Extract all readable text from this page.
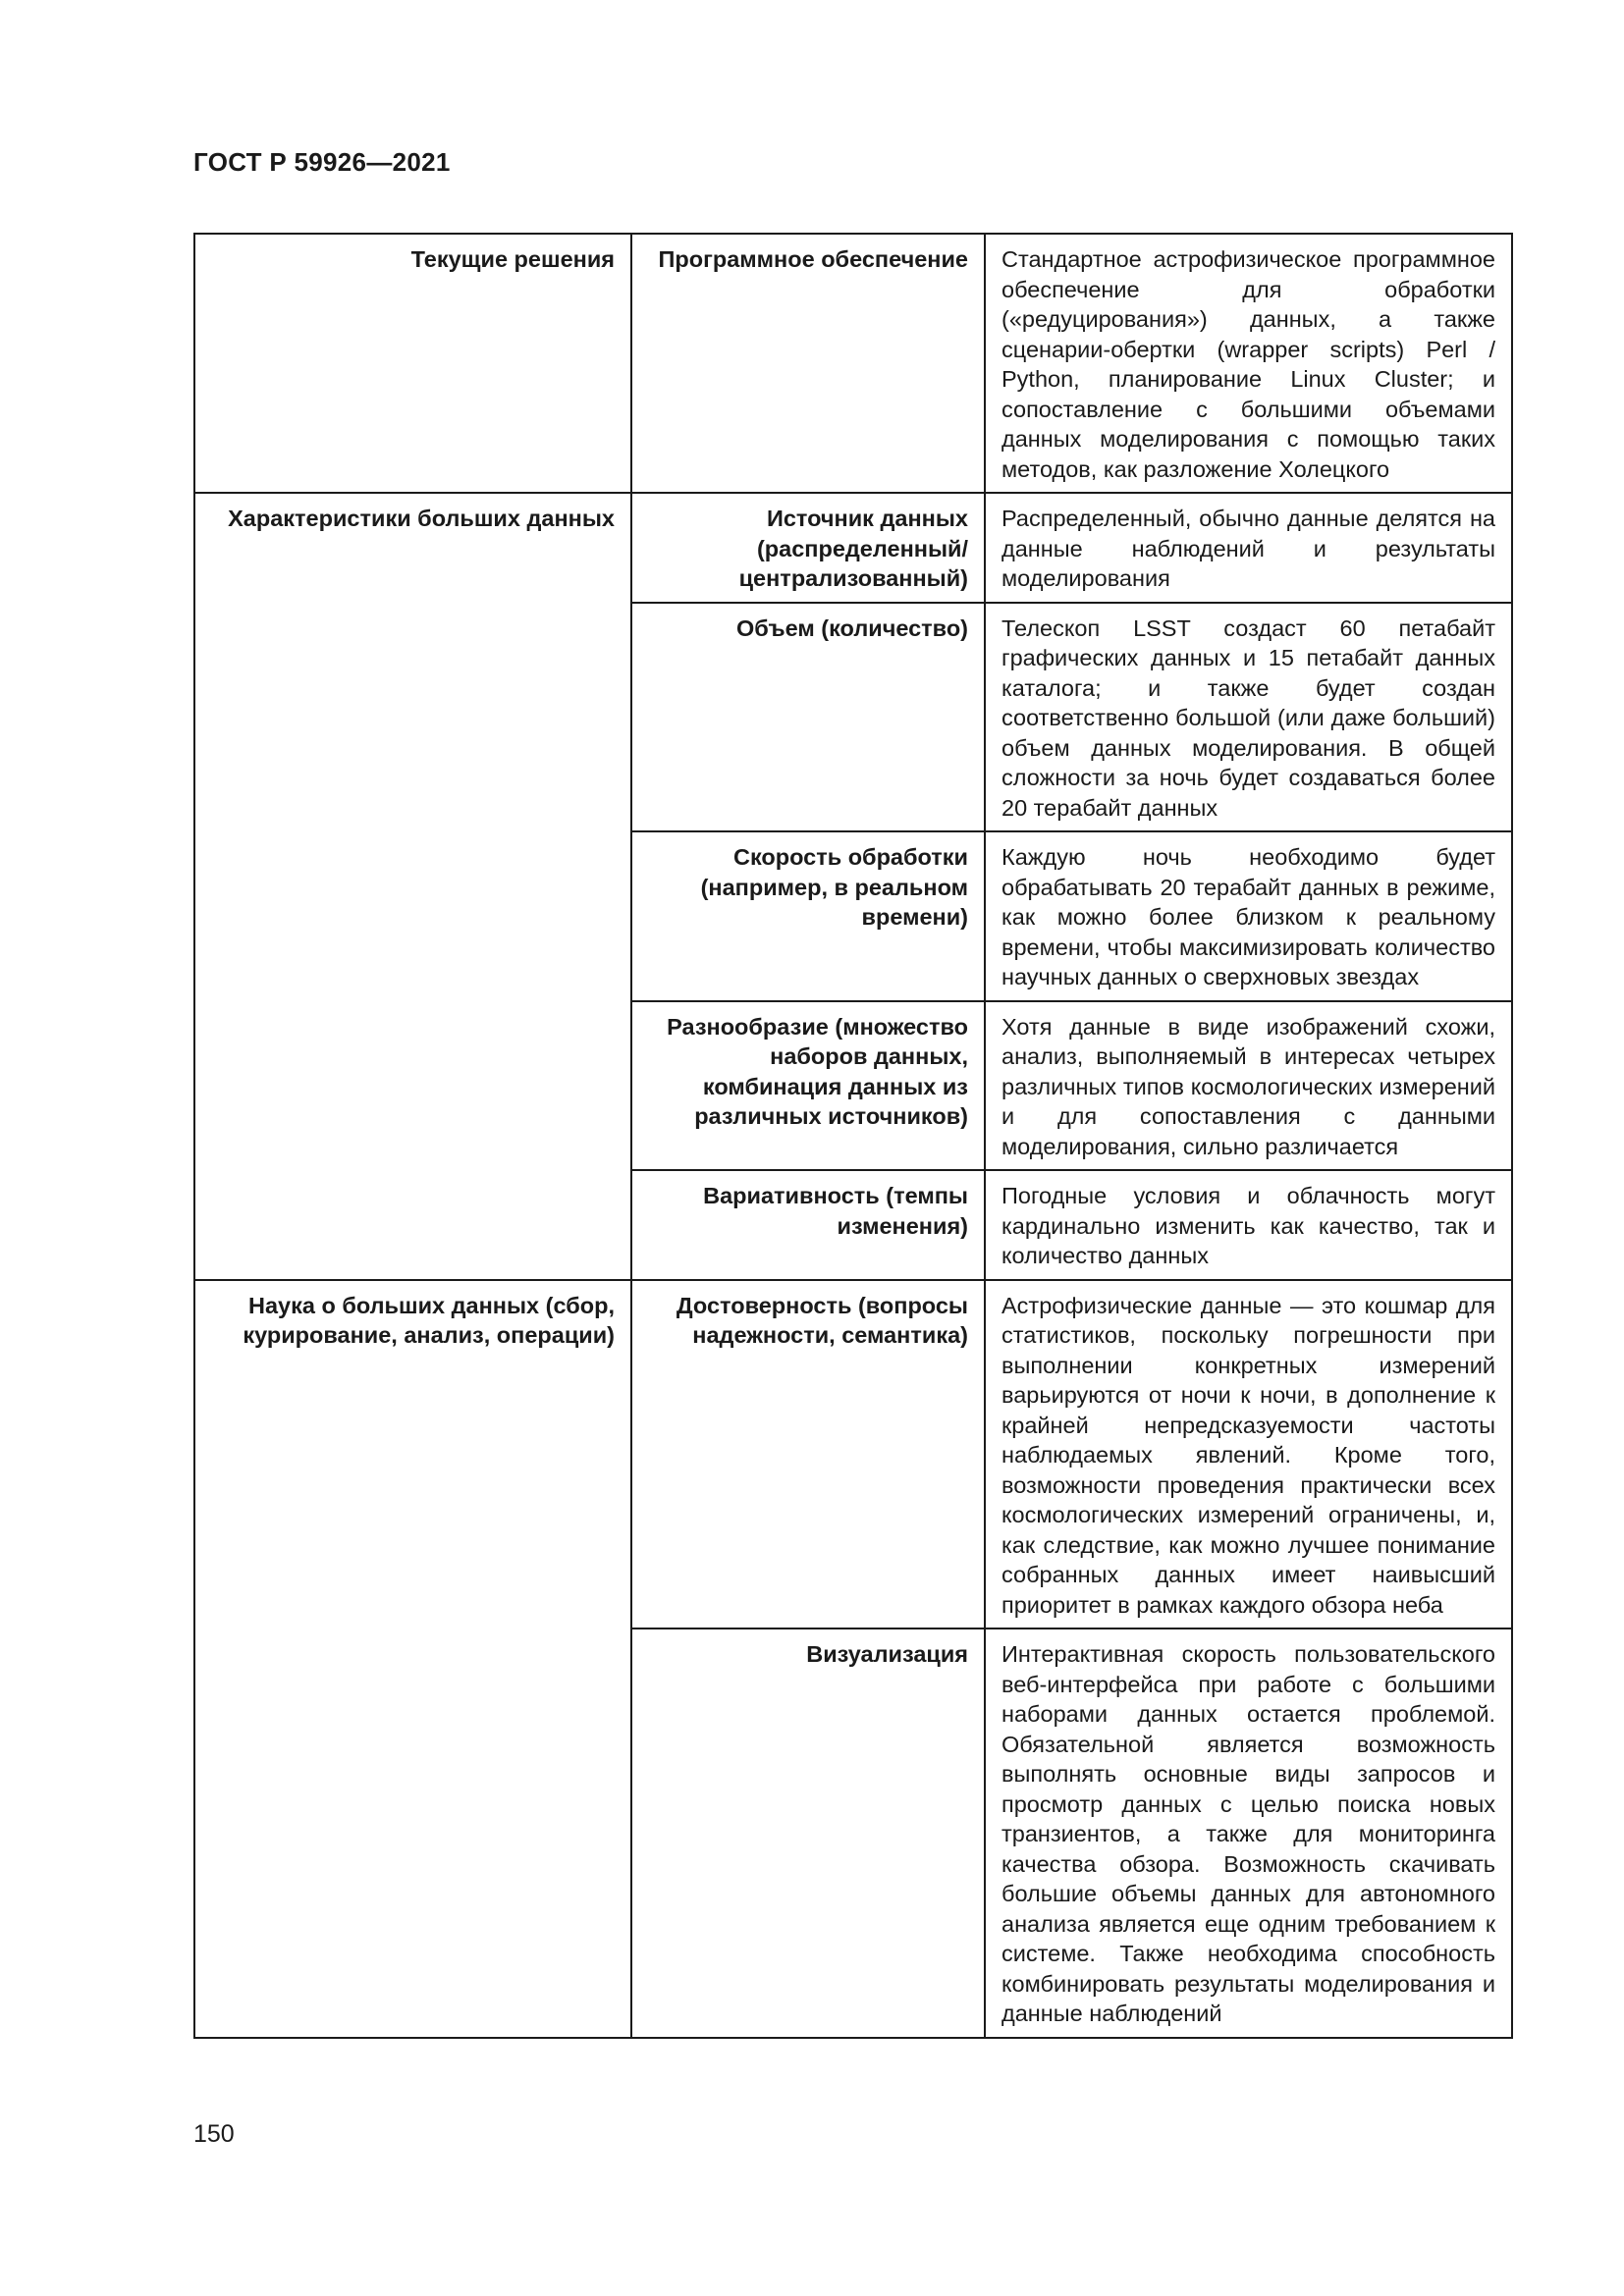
ГОСТ Р 59926—2021
Текущие решения	Программное обеспечение	Стандартное астрофизическое программное обеспечение для обработки («редуцирования») данных, а также сценарии-обертки (wrapper scripts) Perl / Python, планирование Linux Cluster; и сопоставление с большими объемами данных моделирования с помощью таких методов, как разложение Холецкого
Характеристики больших данных	Источник данных (распределенный/ централизованный)	Распределенный, обычно данные делятся на данные наблюдений и результаты моделирования
	Объем (количество)	Телескоп LSST создаст 60 петабайт графических данных и 15 петабайт данных каталога; и также будет создан соответственно большой (или даже больший) объем данных моделирования. В общей сложности за ночь будет создаваться более 20 терабайт данных
	Скорость обработки (например, в реальном времени)	Каждую ночь необходимо будет обрабатывать 20 терабайт данных в режиме, как можно более близком к реальному времени, чтобы максимизировать количество научных данных о сверхновых звездах
	Разнообразие (множество наборов данных, комбинация данных из различных источников)	Хотя данные в виде изображений схожи, анализ, выполняемый в интересах четырех различных типов космологических измерений и для сопоставления с данными моделирования, сильно различается
	Вариативность (темпы изменения)	Погодные условия и облачность могут кардинально изменить как качество, так и количество данных
Наука о больших данных (сбор, курирование, анализ, операции)	Достоверность (вопросы надежности, семантика)	Астрофизические данные — это кошмар для статистиков, поскольку погрешности при выполнении конкретных измерений варьируются от ночи к ночи, в дополнение к крайней непредсказуемости частоты наблюдаемых явлений. Кроме того, возможности проведения практически всех космологических измерений ограничены, и, как следствие, как можно лучшее понимание собранных данных имеет наивысший приоритет в рамках каждого обзора неба
	Визуализация	Интерактивная скорость пользовательского веб-интерфейса при работе с большими наборами данных остается проблемой. Обязательной является возможность выполнять основные виды запросов и просмотр данных с целью поиска новых транзиентов, а также для мониторинга качества обзора. Возможность скачивать большие объемы данных для автономного анализа является еще одним требованием к системе. Также необходима способность комбинировать результаты моделирования и данные наблюдений
150
